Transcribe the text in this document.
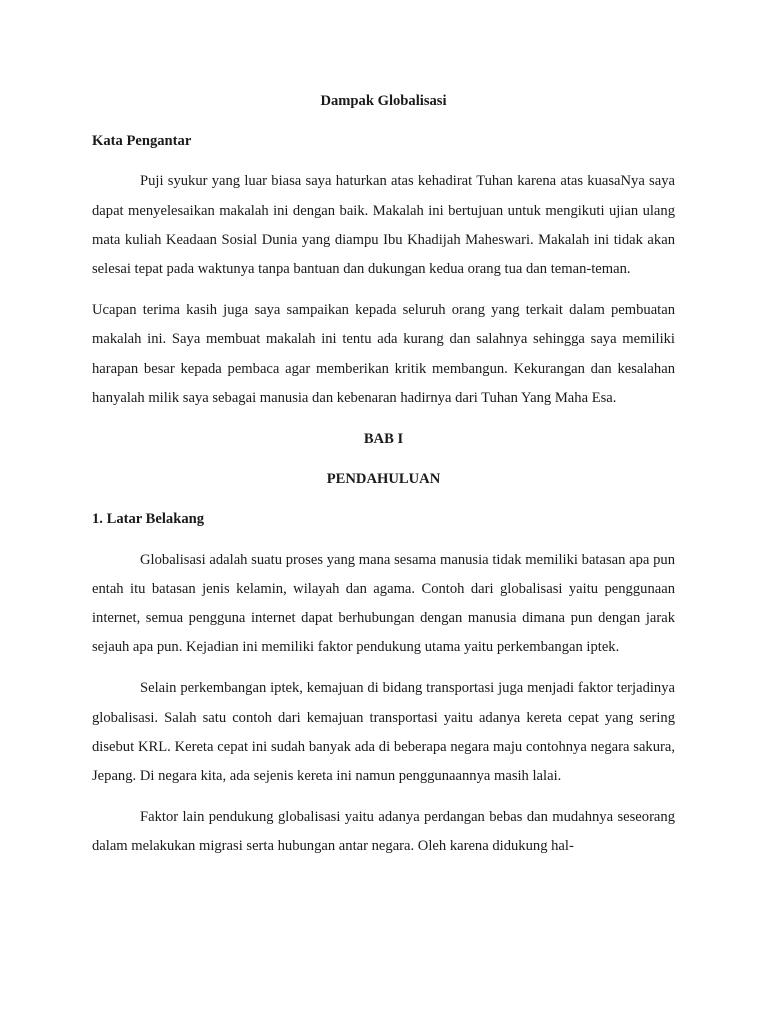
Dampak Globalisasi
Kata Pengantar

Puji syukur yang luar biasa saya haturkan atas kehadirat Tuhan karena atas kuasaNya saya dapat menyelesaikan makalah ini dengan baik. Makalah ini bertujuan untuk mengikuti ujian ulang mata kuliah Keadaan Sosial Dunia yang diampu Ibu Khadijah Maheswari. Makalah ini tidak akan selesai tepat pada waktunya tanpa bantuan dan dukungan kedua orang tua dan teman-teman.

Ucapan terima kasih juga saya sampaikan kepada seluruh orang yang terkait dalam pembuatan makalah ini. Saya membuat makalah ini tentu ada kurang dan salahnya sehingga saya memiliki harapan besar kepada pembaca agar memberikan kritik membangun. Kekurangan dan kesalahan hanyalah milik saya sebagai manusia dan kebenaran hadirnya dari Tuhan Yang Maha Esa.

BAB I
PENDAHULUAN
1. Latar Belakang

Globalisasi adalah suatu proses yang mana sesama manusia tidak memiliki batasan apa pun entah itu batasan jenis kelamin, wilayah dan agama. Contoh dari globalisasi yaitu penggunaan internet, semua pengguna internet dapat berhubungan dengan manusia dimana pun dengan jarak sejauh apa pun. Kejadian ini memiliki faktor pendukung utama yaitu perkembangan iptek.

Selain perkembangan iptek, kemajuan di bidang transportasi juga menjadi faktor terjadinya globalisasi. Salah satu contoh dari kemajuan transportasi yaitu adanya kereta cepat yang sering disebut KRL. Kereta cepat ini sudah banyak ada di beberapa negara maju contohnya negara sakura, Jepang. Di negara kita, ada sejenis kereta ini namun penggunaannya masih lalai.

Faktor lain pendukung globalisasi yaitu adanya perdangan bebas dan mudahnya seseorang dalam melakukan migrasi serta hubungan antar negara. Oleh karena didukung hal-
